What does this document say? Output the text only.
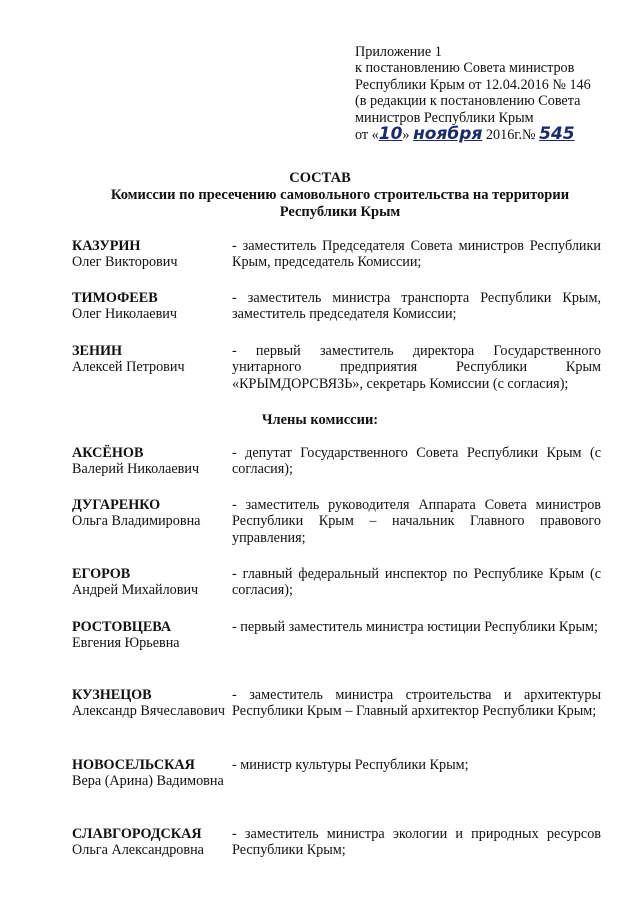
Приложение 1
к постановлению Совета министров
Республики Крым от 12.04.2016 № 146
(в редакции к постановлению Совета
министров Республики Крым
от «10» ноября 2016г.№ 545
СОСТАВ
Комиссии по пресечению самовольного строительства на территории Республики Крым
КАЗУРИН
Олег Викторович
- заместитель Председателя Совета министров Республики Крым, председатель Комиссии;
ТИМОФЕЕВ
Олег Николаевич
- заместитель министра транспорта Республики Крым, заместитель председателя Комиссии;
ЗЕНИН
Алексей Петрович
- первый заместитель директора Государственного унитарного предприятия Республики Крым «КРЫМДОРСВЯЗЬ», секретарь Комиссии (с согласия);
Члены комиссии:
АКСЁНОВ
Валерий Николаевич
- депутат Государственного Совета Республики Крым (с согласия);
ДУГАРЕНКО
Ольга Владимировна
- заместитель руководителя Аппарата Совета министров Республики Крым – начальник Главного правового управления;
ЕГОРОВ
Андрей Михайлович
- главный федеральный инспектор по Республике Крым (с согласия);
РОСТОВЦЕВА
Евгения Юрьевна
- первый заместитель министра юстиции Республики Крым;
КУЗНЕЦОВ
Александр Вячеславович
- заместитель министра строительства и архитектуры Республики Крым – Главный архитектор Республики Крым;
НОВОСЕЛЬСКАЯ
Вера (Арина) Вадимовна
- министр культуры Республики Крым;
СЛАВГОРОДСКАЯ
Ольга Александровна
- заместитель министра экологии и природных ресурсов Республики Крым;
